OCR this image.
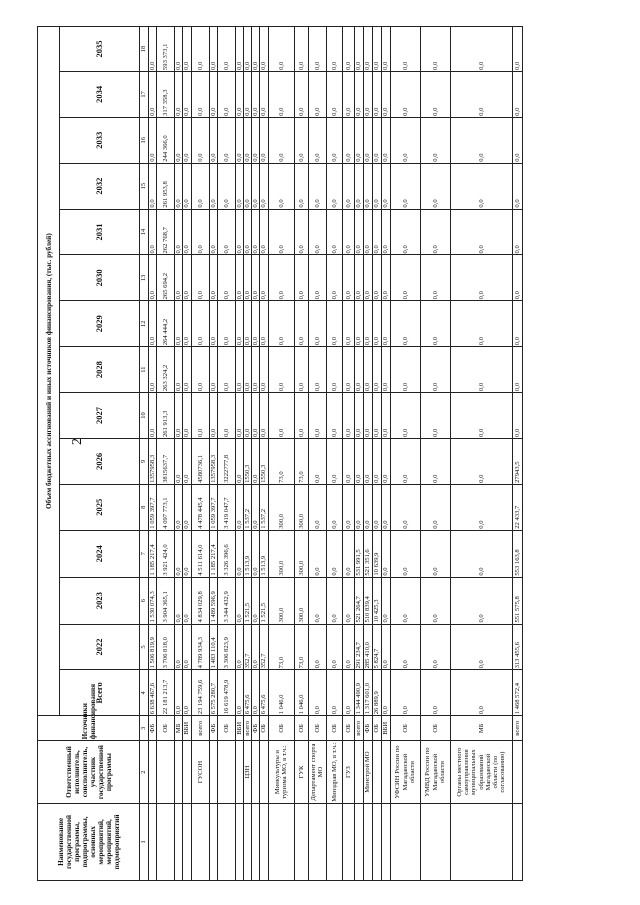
2
Наименование государственной программы, подпрограммы, основных мероприятий, мероприятий, подмероприятий	Ответственный исполнитель, соисполнитель, участник государственной программы	Источники финансирования	Объем бюджетных ассигнований и иных источников финансирования, (тыс. рублей)														
			Всего	2022	2023	2024	2025	2026	2027	2028	2029	2030	2031	2032	2033	2034	2035
1	2	3	4	5	6	7	8	9	10	11	12	13	14	15	16	17	18
		ФБ	6 638 467,6	1 506 819,9	1 530 074,3	1 185 217,4	1 059 397,7	1357958,3	0,0	0,0	0,0	0,0	0,0	0,0	0,0	0,0	0,0
		ОБ	22 181 213,7	3 706 818,0	3 904 365,1	3 921 424,0	4 097 773,1	3815637,7	261 913,3	263 324,2	264 444,2	265 694,2	262 768,7	261 953,8	244 366,0	317 358,3	593 373,1
		МБ	0,0	0,0	0,0	0,0	0,0	0,0	0,0	0,0	0,0	0,0	0,0	0,0	0,0	0,0	0,0
		ВБИ	0,0	0,0	0,0	0,0	0,0	0,0	0,0	0,0	0,0	0,0	0,0	0,0	0,0	0,0	0,0
	ГУСОН	всего	23 194 759,6	4 789 934,3	4 834 029,8	4 511 614,0	4 478 445,4	4580736,1	0,0	0,0	0,0	0,0	0,0	0,0	0,0	0,0	0,0
		ФБ	6 575 280,7	1 483 110,4	1 489 596,9	1 185 217,4	1 059 397,7	1357958,3	0,0	0,0	0,0	0,0	0,0	0,0	0,0	0,0	0,0
		ОБ	16 619 478,9	3 306 823,9	3 344 432,9	3 326 396,6	3 419 047,7	3222777,8	0,0	0,0	0,0	0,0	0,0	0,0	0,0	0,0	0,0
		ВБИ	0,0	0,0	0,0	0,0	0,0	0,0	0,0	0,0	0,0	0,0	0,0	0,0	0,0	0,0	0,0
	ЦЗН	всего	6 475,6	352,7	1 521,5	1 513,9	1 537,2	1550,3	0,0	0,0	0,0	0,0	0,0	0,0	0,0	0,0	0,0
		ФБ	0,0	0,0	0,0	0,0	0,0	0,0	0,0	0,0	0,0	0,0	0,0	0,0	0,0	0,0	0,0
		ОБ	6 475,6	352,7	1 521,5	1 513,9	1 537,2	1550,3	0,0	0,0	0,0	0,0	0,0	0,0	0,0	0,0	0,0
	Минкультуры и туризма МО, в т.ч.:	ОБ	1 046,0	73,0	300,0	300,0	300,0	73,0	0,0	0,0	0,0	0,0	0,0	0,0	0,0	0,0	0,0
	ГУК	ОБ	1 046,0	73,0	300,0	300,0	300,0	73,0	0,0	0,0	0,0	0,0	0,0	0,0	0,0	0,0	0,0
	Департамент спорта МО	ОБ	0,0	0,0	0,0	0,0	0,0	0,0	0,0	0,0	0,0	0,0	0,0	0,0	0,0	0,0	0,0
	Минздрав МО, в т.ч.:	ОБ	0,0	0,0	0,0	0,0	0,0	0,0	0,0	0,0	0,0	0,0	0,0	0,0	0,0	0,0	0,0
	ГУЗ	ОБ	0,0	0,0	0,0	0,0	0,0	0,0	0,0	0,0	0,0	0,0	0,0	0,0	0,0	0,0	0,0
		всего	1 344 490,9	291 234,7	521 264,7	531 991,5	0,0	0,0	0,0	0,0	0,0	0,0	0,0	0,0	0,0	0,0	0,0
	Минстрой МО	ФБ	1 317 601,0	285 410,0	510 839,4	521 351,6	0,0	0,0	0,0	0,0	0,0	0,0	0,0	0,0	0,0	0,0	0,0
		ОБ	26 889,9	5 824,7	10 425,3	10 639,9	0,0	0,0	0,0	0,0	0,0	0,0	0,0	0,0	0,0	0,0	0,0
		ВБИ	0,0	0,0	0,0	0,0	0,0	0,0	0,0	0,0	0,0	0,0	0,0	0,0	0,0	0,0	0,0
	УФСИН России по Магаданской области	ОБ	0,0	0,0	0,0	0,0	0,0	0,0	0,0	0,0	0,0	0,0	0,0	0,0	0,0	0,0	0,0
	УМВД России по Магаданской области	ОБ	0,0	0,0	0,0	0,0	0,0	0,0	0,0	0,0	0,0	0,0	0,0	0,0	0,0	0,0	0,0
	Органы местного самоуправления муниципальных образований Магаданской области (по согласованию)	МБ	0,0	0,0	0,0	0,0	0,0	0,0	0,0	0,0	0,0	0,0	0,0	0,0	0,0	0,0	0,0
		всего	1 468 572,4	313 455,6	551 575,8	553 163,8	22 433,7	27943,5	0,0	0,0	0,0	0,0	0,0	0,0	0,0	0,0	0,0
